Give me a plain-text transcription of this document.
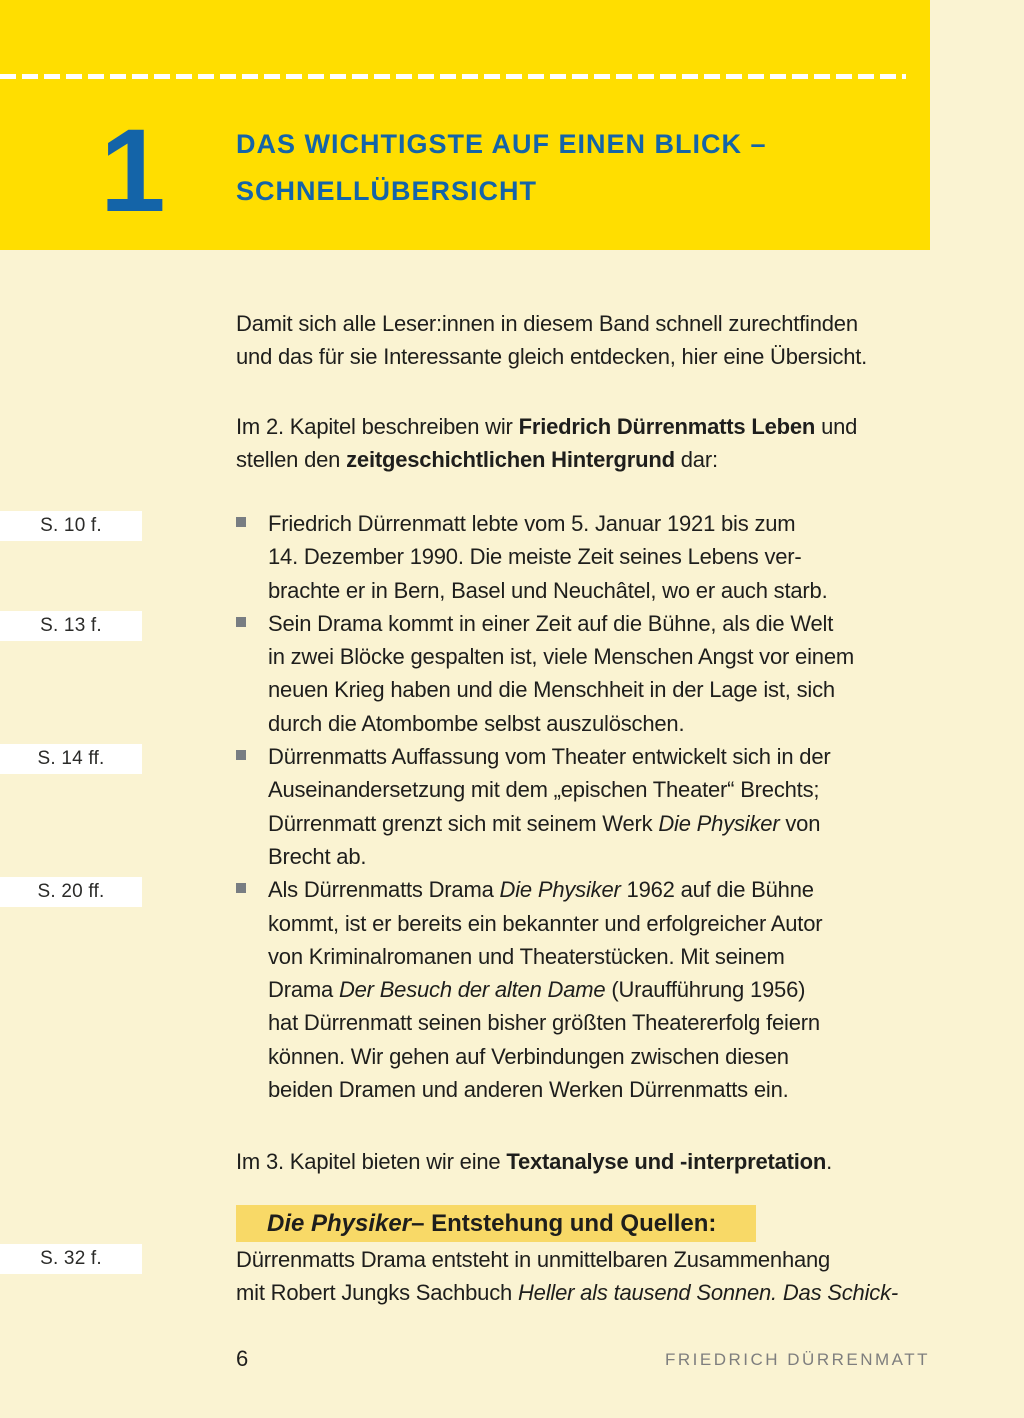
1	DAS WICHTIGSTE AUF EINEN BLICK –
SCHNELLÜBERSICHT
Damit sich alle Leser:innen in diesem Band schnell zurechtfinden
und das für sie Interessante gleich entdecken, hier eine Übersicht.
Im 2. Kapitel beschreiben wir Friedrich Dürrenmatts Leben und
stellen den zeitgeschichtlichen Hintergrund dar:
S. 10 f.	Friedrich Dürrenmatt lebte vom 5. Januar 1921 bis zum
14. Dezember 1990. Die meiste Zeit seines Lebens ver-
brachte er in Bern, Basel und Neuchâtel, wo er auch starb.
S. 13 f.	Sein Drama kommt in einer Zeit auf die Bühne, als die Welt
in zwei Blöcke gespalten ist, viele Menschen Angst vor einem
neuen Krieg haben und die Menschheit in der Lage ist, sich
durch die Atombombe selbst auszulöschen.
S. 14 ff.	Dürrenmatts Auffassung vom Theater entwickelt sich in der
Auseinandersetzung mit dem „epischen Theater“ Brechts;
Dürrenmatt grenzt sich mit seinem Werk Die Physiker von
Brecht ab.
S. 20 ff.	Als Dürrenmatts Drama Die Physiker 1962 auf die Bühne
kommt, ist er bereits ein bekannter und erfolgreicher Autor
von Kriminalromanen und Theaterstücken. Mit seinem
Drama Der Besuch der alten Dame (Uraufführung 1956)
hat Dürrenmatt seinen bisher größten Theatererfolg feiern
können. Wir gehen auf Verbindungen zwischen diesen
beiden Dramen und anderen Werken Dürrenmatts ein.
Im 3. Kapitel bieten wir eine Textanalyse und -interpretation.
Die Physiker – Entstehung und Quellen:
S. 32 f.	Dürrenmatts Drama entsteht in unmittelbaren Zusammenhang
mit Robert Jungks Sachbuch Heller als tausend Sonnen. Das Schick-
6	FRIEDRICH DÜRRENMATT
